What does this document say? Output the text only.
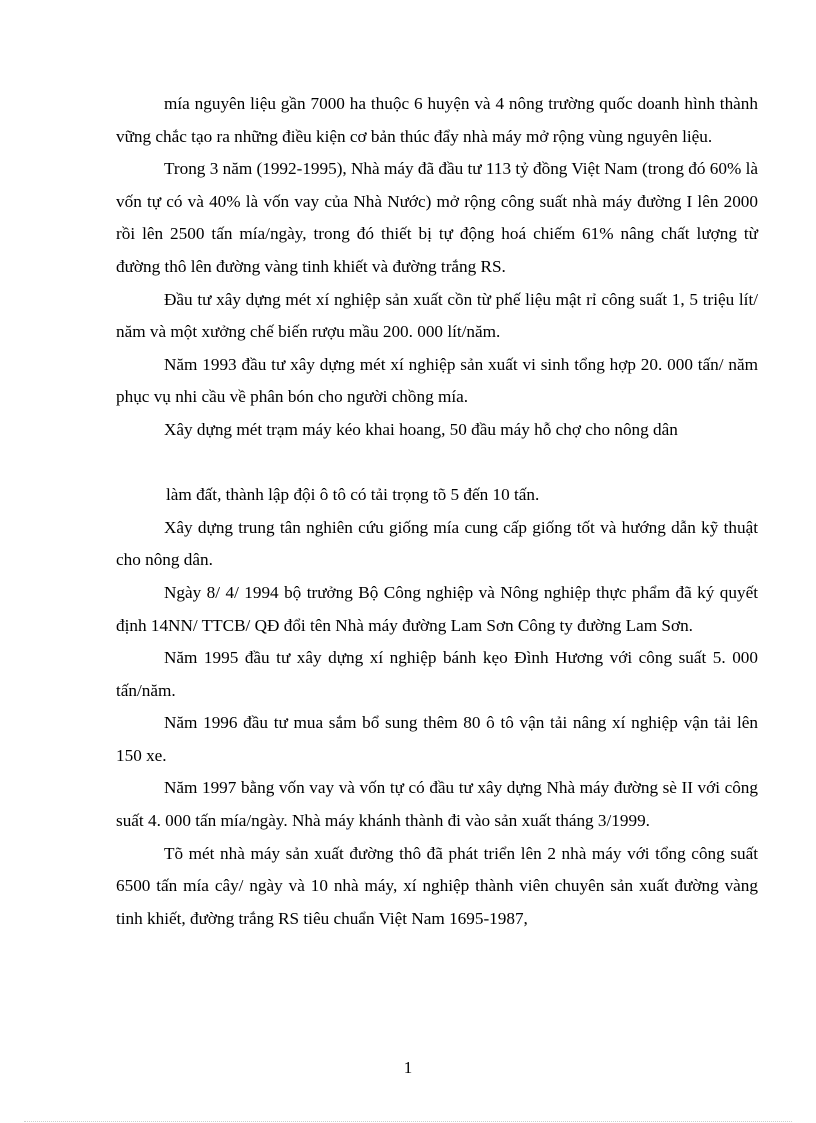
mía nguyên liệu gần 7000 ha thuộc 6 huyện và 4 nông trường quốc doanh hình thành vững chắc tạo ra những điều kiện cơ bản thúc đẩy nhà máy mở rộng vùng nguyên liệu.

Trong 3 năm (1992-1995), Nhà máy đã đầu tư 113 tỷ đồng Việt Nam (trong đó 60% là vốn tự có và 40% là vốn vay của Nhà Nước) mở rộng công suất nhà máy đường I lên 2000 rồi lên 2500 tấn mía/ngày, trong đó thiết bị tự động hoá chiếm 61% nâng chất lượng từ đường thô lên đường vàng tinh khiết và đường trắng RS.

Đầu tư xây dựng mét xí nghiệp sản xuất cồn từ phế liệu mật rỉ công suất 1, 5 triệu lít/ năm và một xưởng chế biến rượu mầu 200. 000 lít/năm.

Năm 1993 đầu tư xây dựng mét xí nghiệp sản xuất vi sinh tổng hợp 20. 000 tấn/ năm phục vụ nhi cầu về phân bón cho người chồng mía.

Xây dựng mét trạm máy kéo khai hoang, 50 đầu máy hỗ chợ cho nông dân

làm đất, thành lập đội ô tô có tải trọng tõ 5 đến 10 tấn.

Xây dựng trung tân nghiên cứu giống mía cung cấp giống tốt và hướng dẫn kỹ thuật cho nông dân.

Ngày 8/ 4/ 1994 bộ trưởng Bộ Công nghiệp và Nông nghiệp thực phẩm đã ký quyết định 14NN/ TTCB/ QĐ đổi tên Nhà máy đường Lam Sơn Công ty đường Lam Sơn.

Năm 1995 đầu tư xây dựng xí nghiệp bánh kẹo Đình Hương với công suất 5. 000 tấn/năm.

Năm 1996 đầu tư mua sắm bổ sung thêm 80 ô tô vận tải nâng xí nghiệp vận tải lên 150 xe.

Năm 1997 bằng vốn vay và vốn tự có đầu tư xây dựng Nhà máy đường sè II với công suất 4. 000 tấn mía/ngày. Nhà máy khánh thành đi vào sản xuất tháng 3/1999.

Tõ mét nhà máy sản xuất đường thô đã phát triển lên 2 nhà máy với tổng công suất 6500 tấn mía cây/ ngày và 10 nhà máy, xí nghiệp thành viên chuyên sản xuất đường vàng tinh khiết, đường trắng RS tiêu chuẩn Việt Nam 1695-1987,

1
